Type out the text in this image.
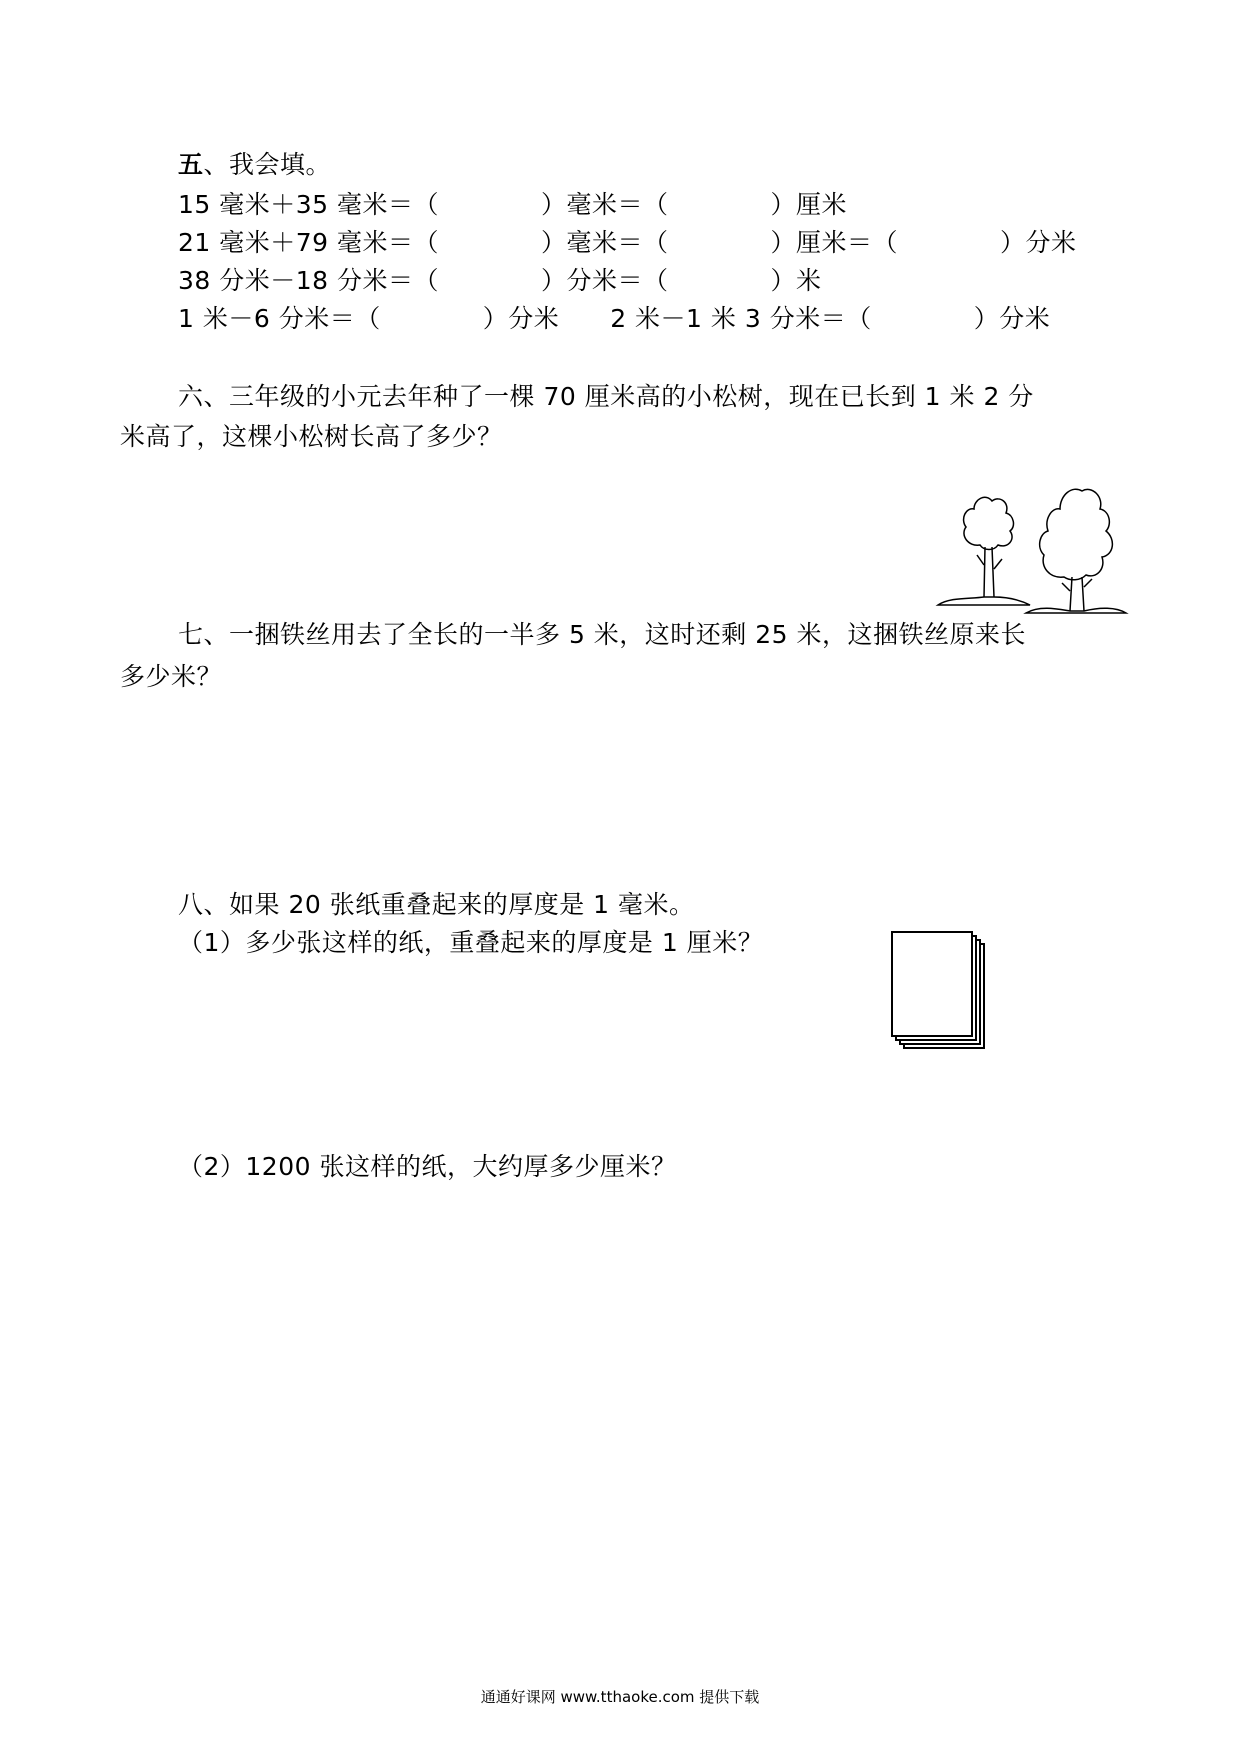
五、我会填。
15 毫米＋35 毫米＝（　　　　）毫米＝（　　　　）厘米
21 毫米＋79 毫米＝（　　　　）毫米＝（　　　　）厘米＝（　　　　）分米
38 分米－18 分米＝（　　　　）分米＝（　　　　）米
1 米－6 分米＝（　　　　）分米　　2 米－1 米 3 分米＝（　　　　）分米
六、三年级的小元去年种了一棵 70 厘米高的小松树，现在已长到 1 米 2 分
米高了，这棵小松树长高了多少？
七、一捆铁丝用去了全长的一半多 5 米，这时还剩 25 米，这捆铁丝原来长
多少米？
八、如果 20 张纸重叠起来的厚度是 1 毫米。
（1）多少张这样的纸，重叠起来的厚度是 1 厘米？
（2）1200 张这样的纸，大约厚多少厘米？
通通好课网 www.tthaoke.com 提供下载
